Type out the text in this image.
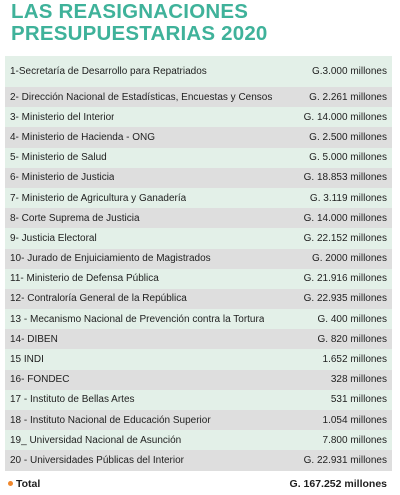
LAS REASIGNACIONES
PRESUPUESTARIAS 2020
1-Secretaría de Desarrollo para Repatriados	G.3.000 millones
2- Dirección Nacional de Estadísticas, Encuestas y Censos	G. 2.261 millones
3- Ministerio del Interior	G. 14.000 millones
4- Ministerio de Hacienda - ONG	G. 2.500 millones
5- Ministerio de Salud	G. 5.000 millones
6- Ministerio de Justicia	G. 18.853 millones
7- Ministerio de Agricultura y Ganadería	G. 3.119 millones
8- Corte Suprema de Justicia	G. 14.000 millones
9- Justicia Electoral	G. 22.152 millones
10- Jurado de Enjuiciamiento de Magistrados	G. 2000 millones
11- Ministerio de Defensa Pública	G. 21.916 millones
12- Contraloría General de la República	G. 22.935 millones
13 - Mecanismo Nacional de Prevención contra la Tortura	G. 400 millones
14- DIBEN	G. 820 millones
15 INDI	1.652 millones
16- FONDEC	328 millones
17 - Instituto de Bellas Artes	531 millones
18 - Instituto Nacional de Educación Superior	1.054 millones
19_ Universidad Nacional de Asunción	7.800 millones
20 - Universidades Públicas del Interior	G. 22.931 millones
Total	G. 167.252 millones
